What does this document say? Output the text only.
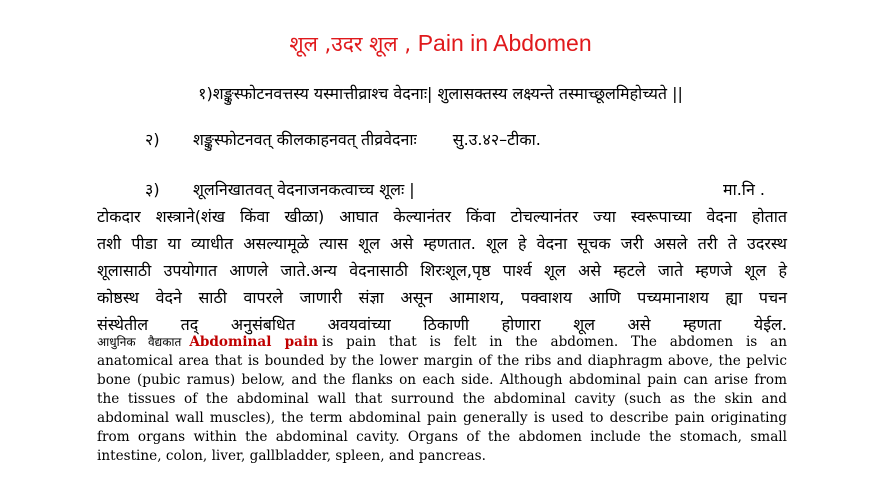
शूल ,उदर शूल , Pain in Abdomen
१)शङ्कुस्फोटनवत्तस्य यस्मात्तीव्राश्च वेदनाः| शुलासक्तस्य लक्ष्यन्ते तस्माच्छूलमिहोच्यते ||
२) शङ्कुस्फोटनवत् कीलकाहनवत् तीव्रवेदनाः सु.उ.४२–टीका.
३) शूलनिखातवत् वेदनाजनकत्वाच्च शूलः |	मा.नि .
टोकदार शस्त्राने(शंख किंवा खीळा) आघात केल्यानंतर किंवा टोचल्यानंतर ज्या स्वरूपाच्या वेदना होतात
तशी पीडा या व्याधीत असल्यामूळे त्यास शूल असे म्हणतात. शूल हे वेदना सूचक जरी असले तरी ते उदरस्थ
शूलासाठी उपयोगात आणले जाते.अन्य वेदनासाठी शिरःशूल,पृष्ठ पार्श्व शूल असे म्हटले जाते म्हणजे शूल हे
कोष्ठस्थ वेदने साठी वापरले जाणारी संज्ञा असून आमाशय, पक्वाशय आणि पच्यमानाशय ह्या पचन
संस्थेतील तद् अनुसंबधित अवयवांच्या ठिकाणी होणारा शूल असे म्हणता येईल.
आधुनिक वैद्यकात Abdominal pain is pain that is felt in the abdomen. The abdomen is an
anatomical area that is bounded by the lower margin of the ribs and diaphragm above, the pelvic
bone (pubic ramus) below, and the flanks on each side. Although abdominal pain can arise from
the tissues of the abdominal wall that surround the abdominal cavity (such as the skin and
abdominal wall muscles), the term abdominal pain generally is used to describe pain originating
from organs within the abdominal cavity. Organs of the abdomen include the stomach, small
intestine, colon, liver, gallbladder, spleen, and pancreas.
